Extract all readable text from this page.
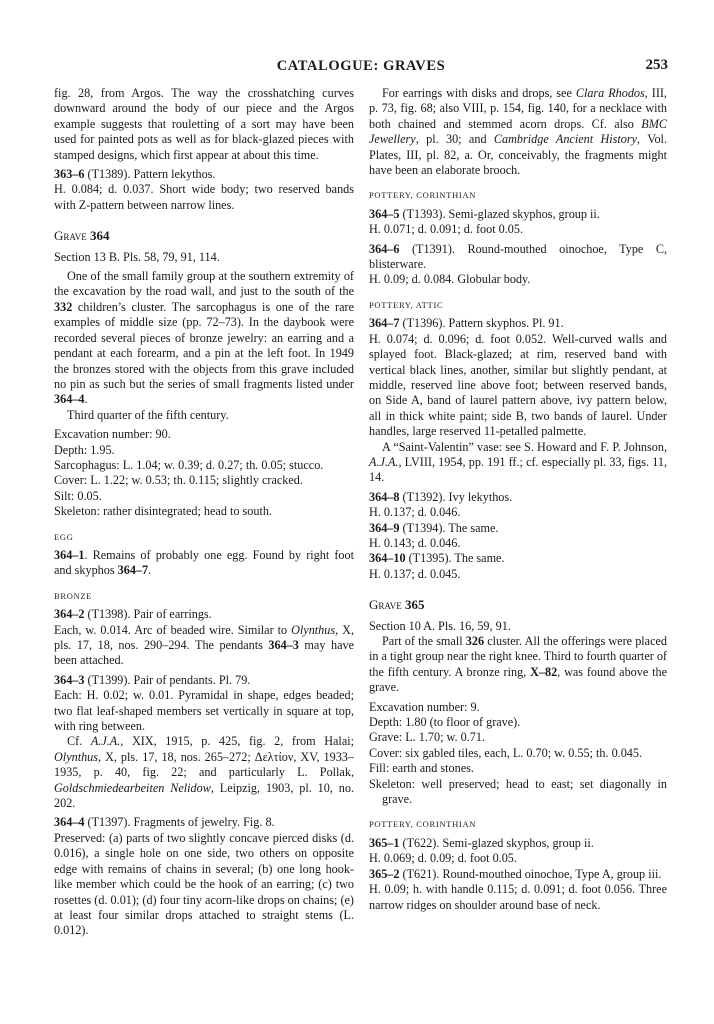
CATALOGUE: GRAVES	253

fig. 28, from Argos. The way the crosshatching curves downward around the body of our piece and the Argos example suggests that rouletting of a sort may have been used for painted pots as well as for black-glazed pieces with stamped designs, which first appear at about this time.

363–6 (T1389). Pattern lekythos.

H. 0.084; d. 0.037. Short wide body; two reserved bands with Z-pattern between narrow lines.

Grave 364

Section 13 B. Pls. 58, 79, 91, 114.

One of the small family group at the southern extremity of the excavation by the road wall, and just to the south of the 332 children’s cluster. The sarcophagus is one of the rare examples of middle size (pp. 72–73). In the daybook were recorded several pieces of bronze jewelry: an earring and a pendant at each forearm, and a pin at the left foot. In 1949 the bronzes stored with the objects from this grave included no pin as such but the series of small fragments listed under 364–4.

Third quarter of the fifth century.

Excavation number: 90.

Depth: 1.95.

Sarcophagus: L. 1.04; w. 0.39; d. 0.27; th. 0.05; stucco.

Cover: L. 1.22; w. 0.53; th. 0.115; slightly cracked.

Silt: 0.05.

Skeleton: rather disintegrated; head to south.

EGG

364–1. Remains of probably one egg. Found by right foot and skyphos 364–7.

BRONZE

364–2 (T1398). Pair of earrings.

Each, w. 0.014. Arc of beaded wire. Similar to Olynthus, X, pls. 17, 18, nos. 290–294. The pendants 364–3 may have been attached.

364–3 (T1399). Pair of pendants. Pl. 79.

Each: H. 0.02; w. 0.01. Pyramidal in shape, edges beaded; two flat leaf-shaped members set vertically in square at top, with ring between.

Cf. A.J.A., XIX, 1915, p. 425, fig. 2, from Halai; Olynthus, X, pls. 17, 18, nos. 265–272; Δελτίον, XV, 1933–1935, p. 40, fig. 22; and particularly L. Pollak, Goldschmiedearbeiten Nelidow, Leipzig, 1903, pl. 10, no. 202.

364–4 (T1397). Fragments of jewelry. Fig. 8.

Preserved: (a) parts of two slightly concave pierced disks (d. 0.016), a single hole on one side, two others on opposite edge with remains of chains in several; (b) one long hook-like member which could be the hook of an earring; (c) two rosettes (d. 0.01); (d) four tiny acorn-like drops on chains; (e) at least four similar drops attached to straight stems (L. 0.012).

For earrings with disks and drops, see Clara Rhodos, III, p. 73, fig. 68; also VIII, p. 154, fig. 140, for a necklace with both chained and stemmed acorn drops. Cf. also BMC Jewellery, pl. 30; and Cambridge Ancient History, Vol. Plates, III, pl. 82, a. Or, conceivably, the fragments might have been an elaborate brooch.

POTTERY, CORINTHIAN

364–5 (T1393). Semi-glazed skyphos, group ii.

H. 0.071; d. 0.091; d. foot 0.05.

364–6 (T1391). Round-mouthed oinochoe, Type C, blisterware.

H. 0.09; d. 0.084. Globular body.

POTTERY, ATTIC

364–7 (T1396). Pattern skyphos. Pl. 91.

H. 0.074; d. 0.096; d. foot 0.052. Well-curved walls and splayed foot. Black-glazed; at rim, reserved band with vertical black lines, another, similar but slightly pendant, at middle, reserved line above foot; between reserved bands, on Side A, band of laurel pattern above, ivy pattern below, all in thick white paint; side B, two bands of laurel. Under handles, large reserved 11-petalled palmette.

A “Saint-Valentin” vase: see S. Howard and F. P. Johnson, A.J.A., LVIII, 1954, pp. 191 ff.; cf. especially pl. 33, figs. 11, 14.

364–8 (T1392). Ivy lekythos.

H. 0.137; d. 0.046.

364–9 (T1394). The same.

H. 0.143; d. 0.046.

364–10 (T1395). The same.

H. 0.137; d. 0.045.

Grave 365

Section 10 A. Pls. 16, 59, 91.

Part of the small 326 cluster. All the offerings were placed in a tight group near the right knee. Third to fourth quarter of the fifth century. A bronze ring, X–82, was found above the grave.

Excavation number: 9.

Depth: 1.80 (to floor of grave).

Grave: L. 1.70; w. 0.71.

Cover: six gabled tiles, each, L. 0.70; w. 0.55; th. 0.045.

Fill: earth and stones.

Skeleton: well preserved; head to east; set diagonally in grave.

POTTERY, CORINTHIAN

365–1 (T622). Semi-glazed skyphos, group ii.

H. 0.069; d. 0.09; d. foot 0.05.

365–2 (T621). Round-mouthed oinochoe, Type A, group iii.

H. 0.09; h. with handle 0.115; d. 0.091; d. foot 0.056. Three narrow ridges on shoulder around base of neck.
